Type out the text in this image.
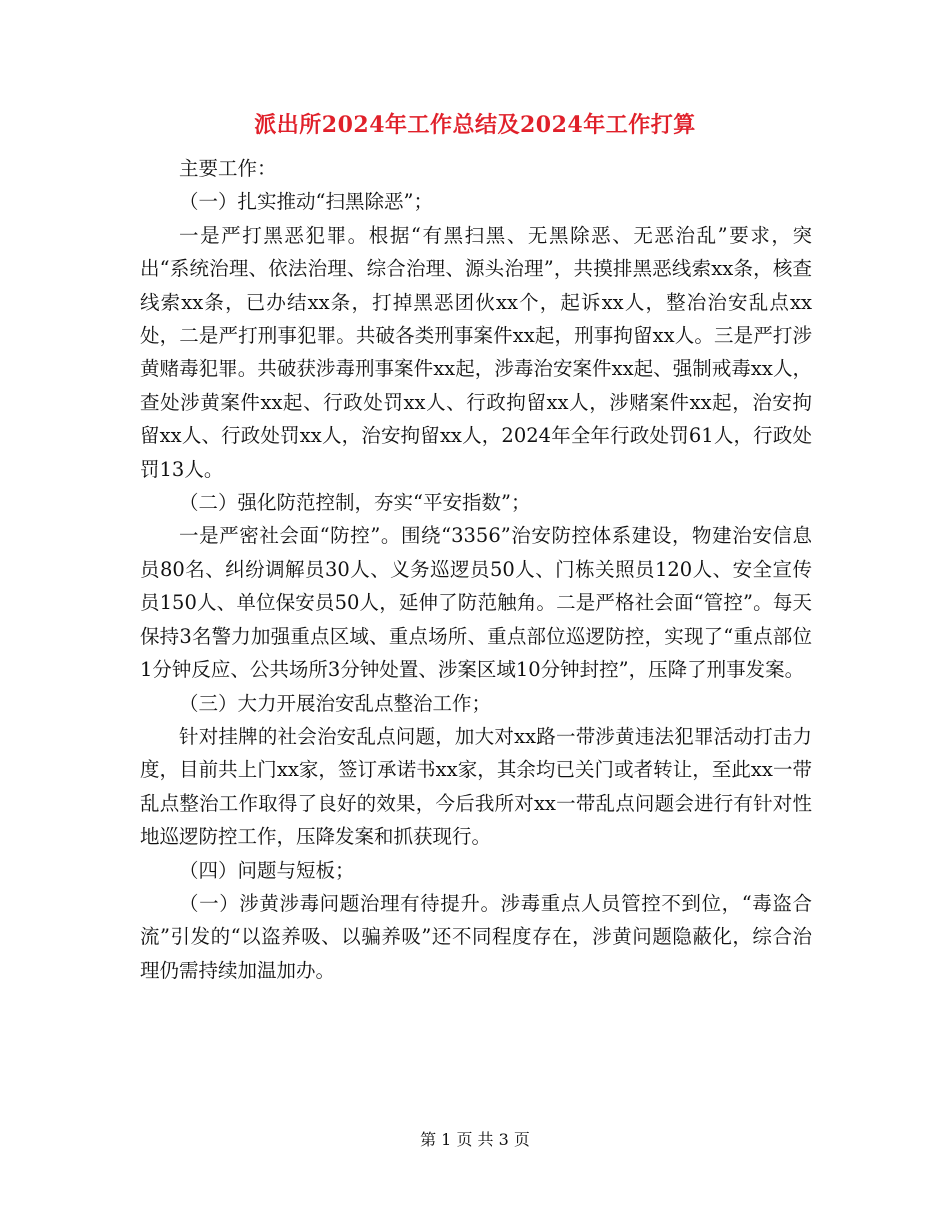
派出所2024年工作总结及2024年工作打算

主要工作：

（一）扎实推动“扫黑除恶”；

一是严打黑恶犯罪。根据“有黑扫黑、无黑除恶、无恶治乱”要求，突出“系统治理、依法治理、综合治理、源头治理”，共摸排黑恶线索xx条，核查线索xx条，已办结xx条，打掉黑恶团伙xx个，起诉xx人，整冶治安乱点xx处，二是严打刑事犯罪。共破各类刑事案件xx起，刑事拘留xx人。三是严打涉黄赌毒犯罪。共破获涉毒刑事案件xx起，涉毒治安案件xx起、强制戒毒xx人，查处涉黄案件xx起、行政处罚xx人、行政拘留xx人，涉赌案件xx起，治安拘留xx人、行政处罚xx人，治安拘留xx人，2024年全年行政处罚61人，行政处罚13人。

（二）强化防范控制，夯实“平安指数”；

一是严密社会面“防控”。围绕“3356”治安防控体系建设，物建治安信息员80名、纠纷调解员30人、义务巡逻员50人、门栋关照员120人、安全宣传员150人、单位保安员50人，延伸了防范触角。二是严格社会面“管控”。每天保持3名警力加强重点区域、重点场所、重点部位巡逻防控，实现了“重点部位1分钟反应、公共场所3分钟处置、涉案区域10分钟封控”，压降了刑事发案。

（三）大力开展治安乱点整治工作；

针对挂牌的社会治安乱点问题，加大对xx路一带涉黄违法犯罪活动打击力度，目前共上门xx家，签订承诺书xx家，其余均已关门或者转让，至此xx一带乱点整治工作取得了良好的效果，今后我所对xx一带乱点问题会进行有针对性地巡逻防控工作，压降发案和抓获现行。

（四）问题与短板；

（一）涉黄涉毒问题治理有待提升。涉毒重点人员管控不到位，“毒盗合流”引发的“以盗养吸、以骗养吸”还不同程度存在，涉黄问题隐蔽化，综合治理仍需持续加温加办。

第 1 页 共 3 页
